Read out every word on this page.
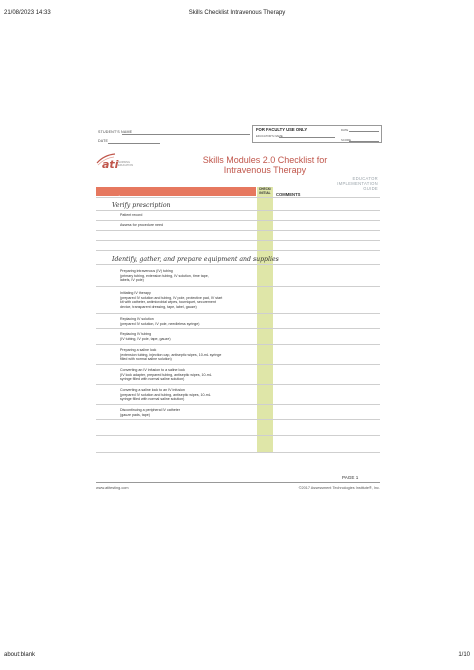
21/08/2023 14:33	Skills Checklist Intravenous Therapy
about:blank	1/10
STUDENT'S NAME
DATE
FOR FACULTY USE ONLY	DATE
EDUCATOR'S NAME
SCORE
ati NURSING
EDUCATION
Skills Modules 2.0 Checklist for
Intravenous Therapy
EDUCATOR
IMPLEMENTATION
GUIDE
General
CHECK/
INITIAL	COMMENTS
Verify prescription
Patient record
Assess for procedure need
Identify, gather, and prepare equipment and supplies
Preparing intravenous (IV) tubing
(primary tubing, extension tubing, IV solution, time tape,
labels, IV pole)
Initiating IV therapy
(prepared IV solution and tubing, IV pole, protective pad, IV start
kit with catheter, antimicrobial wipes, tourniquet, securement
device, transparent dressing, tape, label, gauze)
Replacing IV solution
(prepared IV solution, IV pole, needleless syringe)
Replacing IV tubing
(IV tubing, IV pole, tape, gauze)
Preparing a saline lock
(extension tubing, injection cap, antiseptic wipes, 10-mL syringe
filled with normal saline solution)
Converting an IV infusion to a saline lock
(IV lock adapter, prepared tubing, antiseptic wipes, 10-mL
syringe filled with normal saline solution)
Converting a saline lock to an IV infusion
(prepared IV solution and tubing, antiseptic wipes, 10-mL
syringe filled with normal saline solution)
Discontinuing a peripheral IV catheter
(gauze pads, tape)
PAGE 1
www.atitesting.com	©2017 Assessment Technologies Institute®, Inc.
